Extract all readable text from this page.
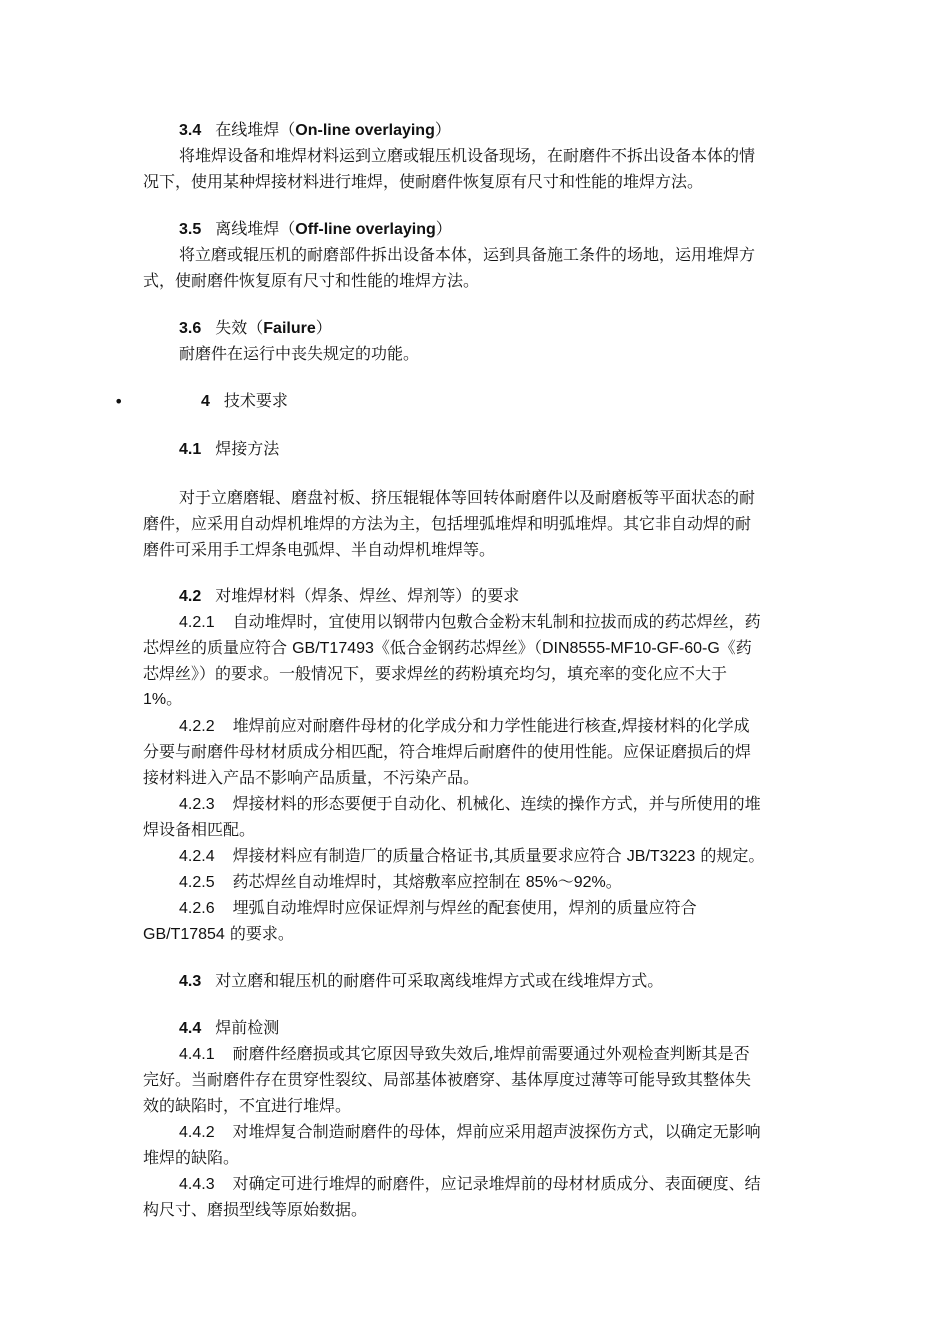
3.4 在线堆焊（On-line overlaying）
将堆焊设备和堆焊材料运到立磨或辊压机设备现场，在耐磨件不拆出设备本体的情
况下，使用某种焊接材料进行堆焊，使耐磨件恢复原有尺寸和性能的堆焊方法。
3.5 离线堆焊（Off-line overlaying）
将立磨或辊压机的耐磨部件拆出设备本体，运到具备施工条件的场地，运用堆焊方
式，使耐磨件恢复原有尺寸和性能的堆焊方法。
3.6 失效（Failure）
耐磨件在运行中丧失规定的功能。
•	4 技术要求
4.1 焊接方法
对于立磨磨辊、磨盘衬板、挤压辊辊体等回转体耐磨件以及耐磨板等平面状态的耐
磨件，应采用自动焊机堆焊的方法为主，包括埋弧堆焊和明弧堆焊。其它非自动焊的耐
磨件可采用手工焊条电弧焊、半自动焊机堆焊等。
4.2 对堆焊材料（焊条、焊丝、焊剂等）的要求
4.2.1 自动堆焊时，宜使用以钢带内包敷合金粉末轧制和拉拔而成的药芯焊丝，药
芯焊丝的质量应符合 GB/T17493《低合金钢药芯焊丝》（DIN8555-MF10-GF-60-G《药
芯焊丝》）的要求。一般情况下，要求焊丝的药粉填充均匀，填充率的变化应不大于
1%。
4.2.2 堆焊前应对耐磨件母材的化学成分和力学性能进行核查,焊接材料的化学成
分要与耐磨件母材材质成分相匹配，符合堆焊后耐磨件的使用性能。应保证磨损后的焊
接材料进入产品不影响产品质量，不污染产品。
4.2.3 焊接材料的形态要便于自动化、机械化、连续的操作方式，并与所使用的堆
焊设备相匹配。
4.2.4 焊接材料应有制造厂的质量合格证书,其质量要求应符合 JB/T3223 的规定。
4.2.5 药芯焊丝自动堆焊时，其熔敷率应控制在 85%～92%。
4.2.6 埋弧自动堆焊时应保证焊剂与焊丝的配套使用，焊剂的质量应符合
GB/T17854 的要求。
4.3 对立磨和辊压机的耐磨件可采取离线堆焊方式或在线堆焊方式。
4.4 焊前检测
4.4.1 耐磨件经磨损或其它原因导致失效后,堆焊前需要通过外观检查判断其是否
完好。当耐磨件存在贯穿性裂纹、局部基体被磨穿、基体厚度过薄等可能导致其整体失
效的缺陷时，不宜进行堆焊。
4.4.2 对堆焊复合制造耐磨件的母体，焊前应采用超声波探伤方式，以确定无影响
堆焊的缺陷。
4.4.3 对确定可进行堆焊的耐磨件，应记录堆焊前的母材材质成分、表面硬度、结
构尺寸、磨损型线等原始数据。
